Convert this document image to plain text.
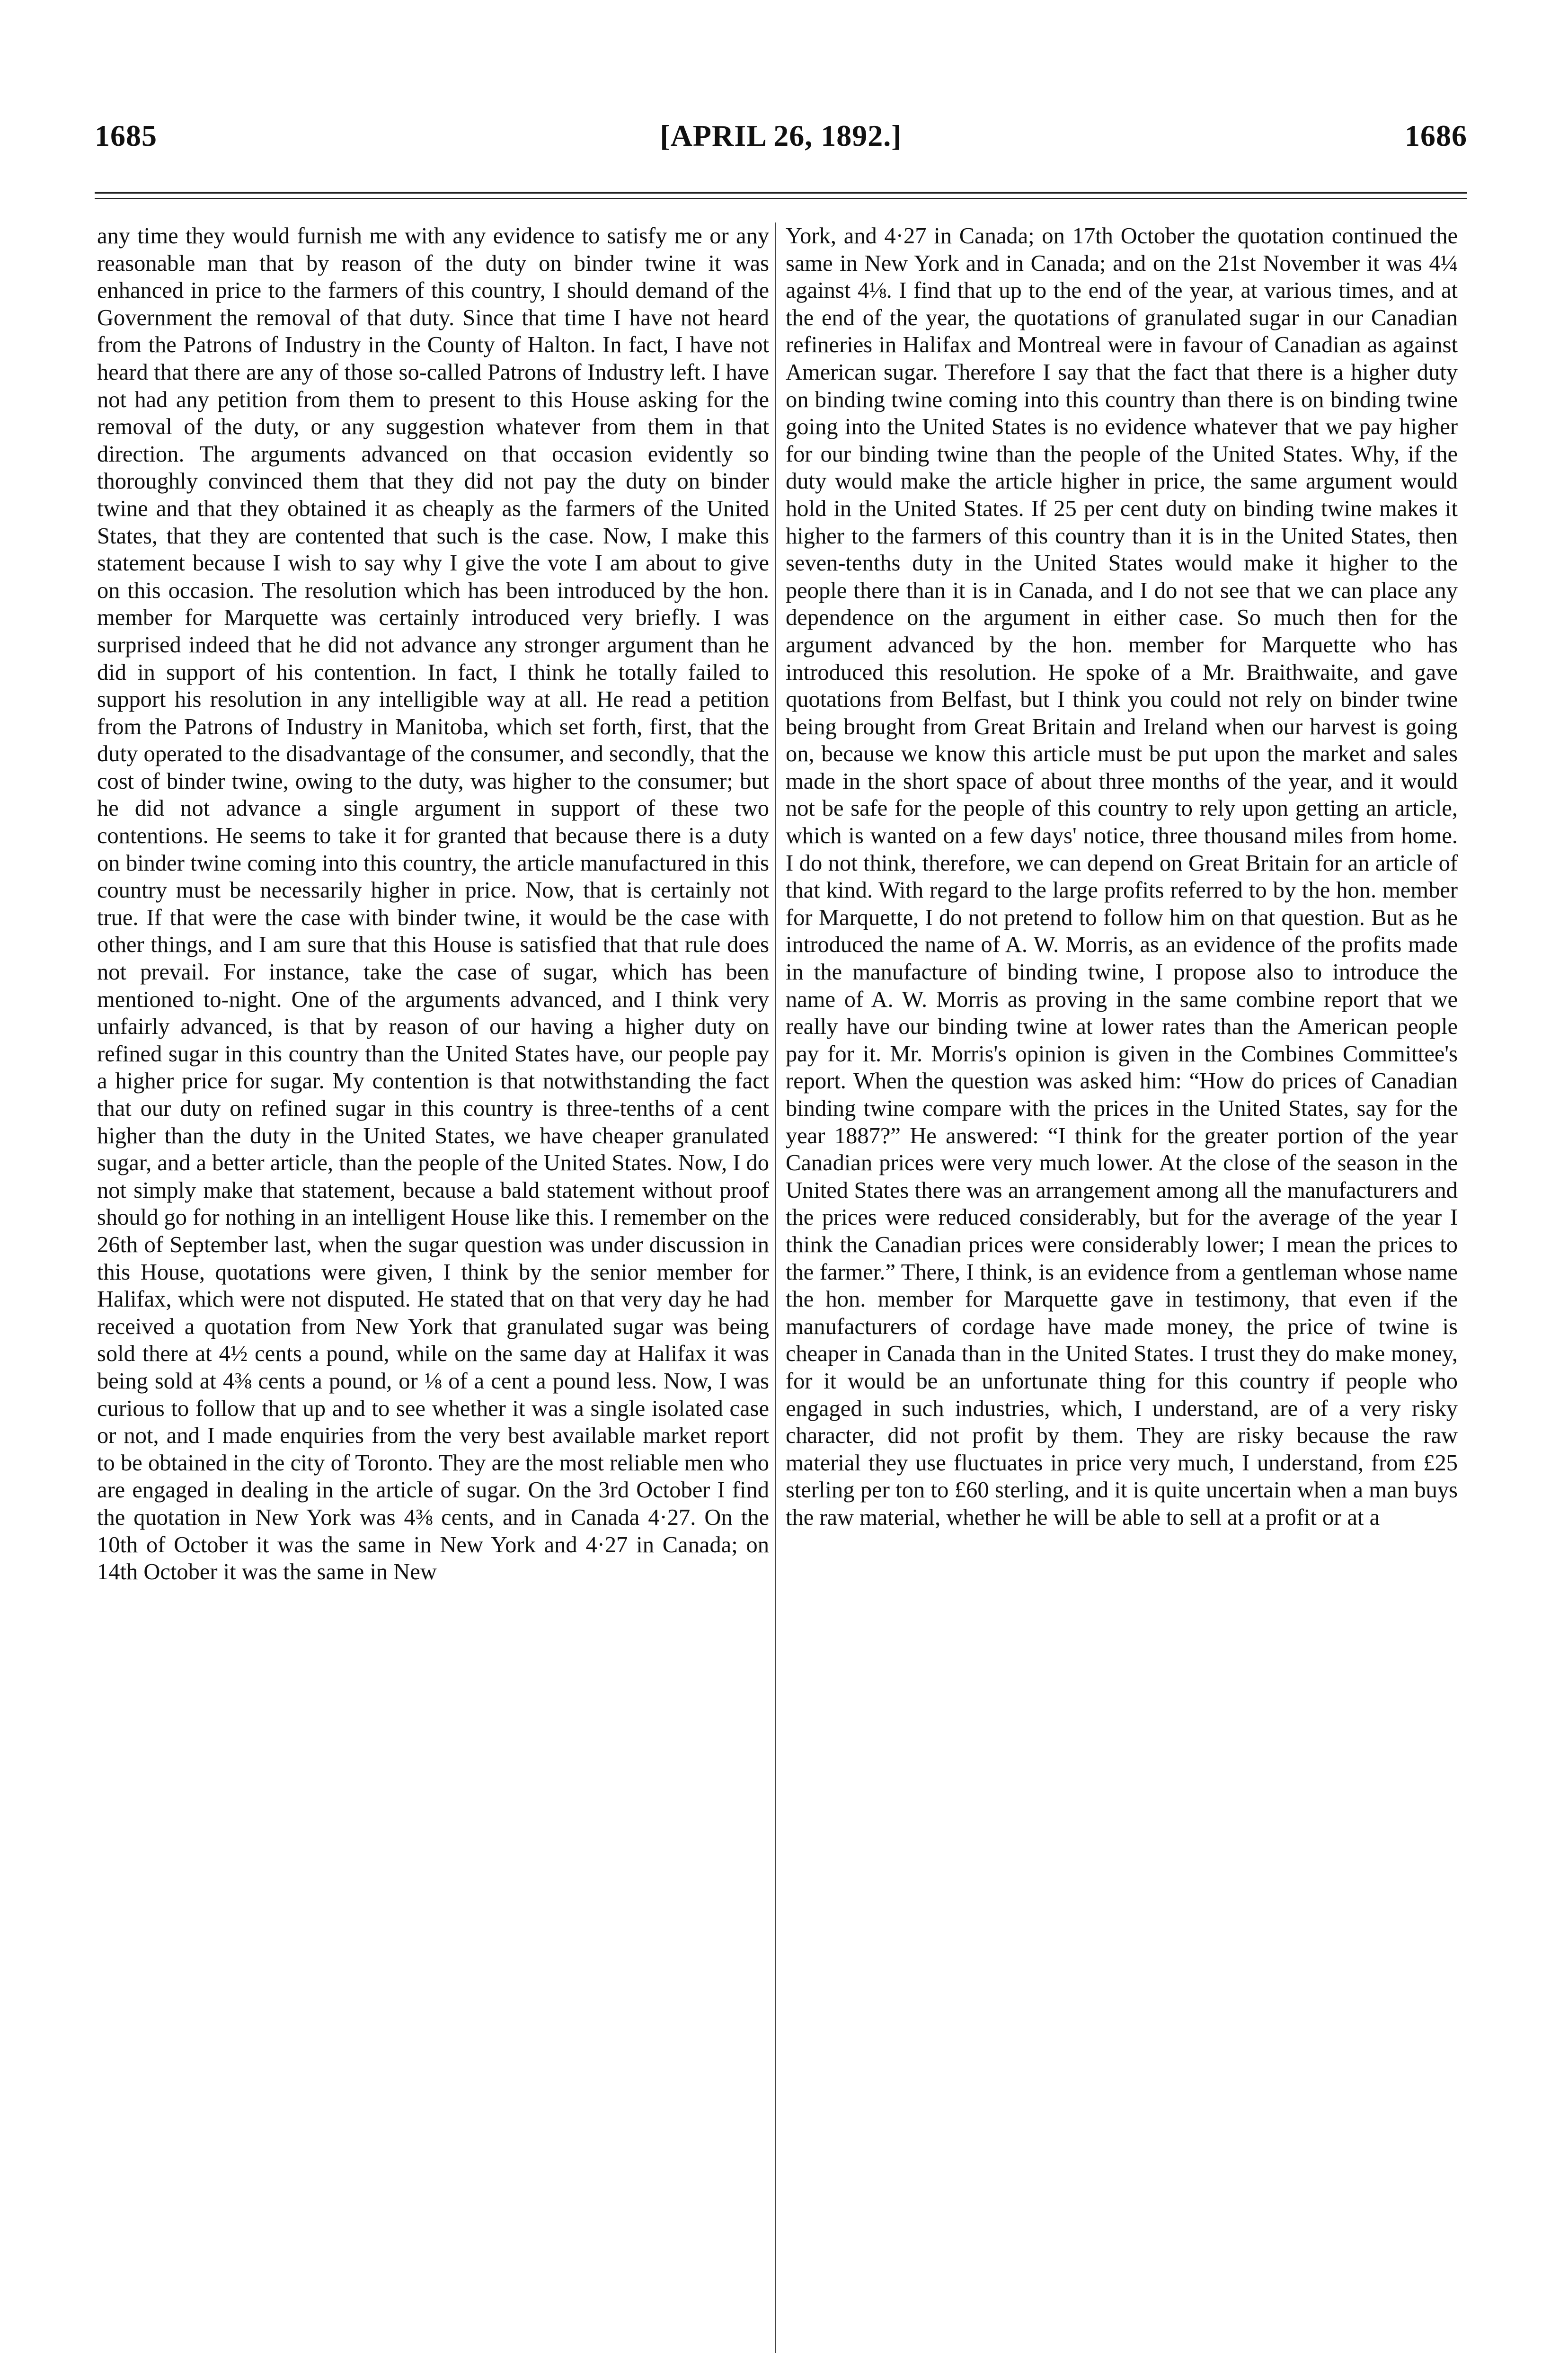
1685	[APRIL 26, 1892.]	1686

any time they would furnish me with any evidence to satisfy me or any reasonable man that by reason of the duty on binder twine it was enhanced in price to the farmers of this country, I should demand of the Government the removal of that duty. Since that time I have not heard from the Patrons of Industry in the County of Halton. In fact, I have not heard that there are any of those so-called Patrons of Industry left. I have not had any petition from them to present to this House asking for the removal of the duty, or any suggestion whatever from them in that direction. The arguments advanced on that occasion evidently so thoroughly convinced them that they did not pay the duty on binder twine and that they obtained it as cheaply as the farmers of the United States, that they are contented that such is the case. Now, I make this statement because I wish to say why I give the vote I am about to give on this occasion. The resolution which has been introduced by the hon. member for Marquette was certainly introduced very briefly. I was surprised indeed that he did not advance any stronger argument than he did in support of his contention. In fact, I think he totally failed to support his resolution in any intelligible way at all. He read a petition from the Patrons of Industry in Manitoba, which set forth, first, that the duty operated to the disadvantage of the consumer, and secondly, that the cost of binder twine, owing to the duty, was higher to the consumer; but he did not advance a single argument in support of these two contentions. He seems to take it for granted that because there is a duty on binder twine coming into this country, the article manufactured in this country must be necessarily higher in price. Now, that is certainly not true. If that were the case with binder twine, it would be the case with other things, and I am sure that this House is satisfied that that rule does not prevail. For instance, take the case of sugar, which has been mentioned to-night. One of the arguments advanced, and I think very unfairly advanced, is that by reason of our having a higher duty on refined sugar in this country than the United States have, our people pay a higher price for sugar. My contention is that notwithstanding the fact that our duty on refined sugar in this country is three-tenths of a cent higher than the duty in the United States, we have cheaper granulated sugar, and a better article, than the people of the United States. Now, I do not simply make that statement, because a bald statement without proof should go for nothing in an intelligent House like this. I remember on the 26th of September last, when the sugar question was under discussion in this House, quotations were given, I think by the senior member for Halifax, which were not disputed. He stated that on that very day he had received a quotation from New York that granulated sugar was being sold there at 4½ cents a pound, while on the same day at Halifax it was being sold at 4⅜ cents a pound, or ⅛ of a cent a pound less. Now, I was curious to follow that up and to see whether it was a single isolated case or not, and I made enquiries from the very best available market report to be obtained in the city of Toronto. They are the most reliable men who are engaged in dealing in the article of sugar. On the 3rd October I find the quotation in New York was 4⅜ cents, and in Canada 4·27. On the 10th of October it was the same in New York and 4·27 in Canada; on 14th October it was the same in New

York, and 4·27 in Canada; on 17th October the quotation continued the same in New York and in Canada; and on the 21st November it was 4¼ against 4⅛. I find that up to the end of the year, at various times, and at the end of the year, the quotations of granulated sugar in our Canadian refineries in Halifax and Montreal were in favour of Canadian as against American sugar. Therefore I say that the fact that there is a higher duty on binding twine coming into this country than there is on binding twine going into the United States is no evidence whatever that we pay higher for our binding twine than the people of the United States. Why, if the duty would make the article higher in price, the same argument would hold in the United States. If 25 per cent duty on binding twine makes it higher to the farmers of this country than it is in the United States, then seven-tenths duty in the United States would make it higher to the people there than it is in Canada, and I do not see that we can place any dependence on the argument in either case. So much then for the argument advanced by the hon. member for Marquette who has introduced this resolution. He spoke of a Mr. Braithwaite, and gave quotations from Belfast, but I think you could not rely on binder twine being brought from Great Britain and Ireland when our harvest is going on, because we know this article must be put upon the market and sales made in the short space of about three months of the year, and it would not be safe for the people of this country to rely upon getting an article, which is wanted on a few days' notice, three thousand miles from home. I do not think, therefore, we can depend on Great Britain for an article of that kind. With regard to the large profits referred to by the hon. member for Marquette, I do not pretend to follow him on that question. But as he introduced the name of A. W. Morris, as an evidence of the profits made in the manufacture of binding twine, I propose also to introduce the name of A. W. Morris as proving in the same combine report that we really have our binding twine at lower rates than the American people pay for it. Mr. Morris's opinion is given in the Combines Committee's report. When the question was asked him: “How do prices of Canadian binding twine compare with the prices in the United States, say for the year 1887?” He answered: “I think for the greater portion of the year Canadian prices were very much lower. At the close of the season in the United States there was an arrangement among all the manufacturers and the prices were reduced considerably, but for the average of the year I think the Canadian prices were considerably lower; I mean the prices to the farmer.” There, I think, is an evidence from a gentleman whose name the hon. member for Marquette gave in testimony, that even if the manufacturers of cordage have made money, the price of twine is cheaper in Canada than in the United States. I trust they do make money, for it would be an unfortunate thing for this country if people who engaged in such industries, which, I understand, are of a very risky character, did not profit by them. They are risky because the raw material they use fluctuates in price very much, I understand, from £25 sterling per ton to £60 sterling, and it is quite uncertain when a man buys the raw material, whether he will be able to sell at a profit or at a
